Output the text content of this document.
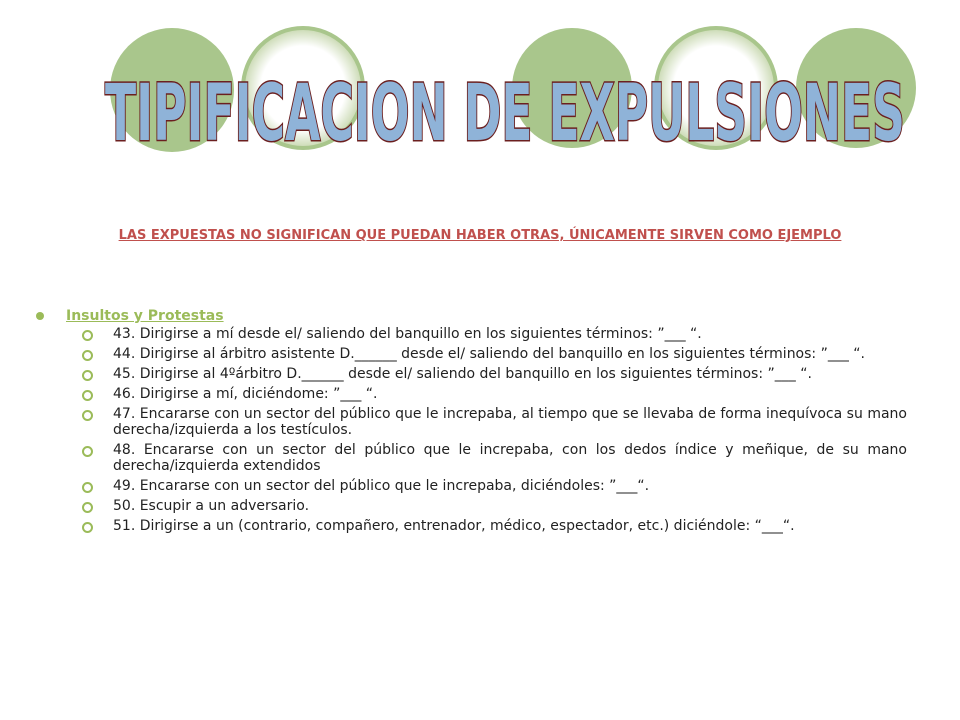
TIPIFICACION DE EXPULSIONES
LAS EXPUESTAS NO SIGNIFICAN QUE PUEDAN HABER OTRAS, ÚNICAMENTE SIRVEN COMO EJEMPLO
Insultos y Protestas
43. Dirigirse a mí desde el/ saliendo del banquillo en los siguientes términos: ”___ “.
44. Dirigirse al árbitro asistente D.______ desde el/ saliendo del banquillo en los siguientes términos: ”___ “.
45. Dirigirse al 4ºárbitro D.______ desde el/ saliendo del banquillo en los siguientes términos: ”___ “.
46. Dirigirse a mí, diciéndome: ”___ “.
47. Encararse con un sector del público que le increpaba, al tiempo que se llevaba de forma inequívoca su mano derecha/izquierda a los testículos.
48. Encararse con un sector del público que le increpaba, con los dedos índice y meñique, de su mano derecha/izquierda extendidos
49. Encararse con un sector del público que le increpaba, diciéndoles: ”___“.
50. Escupir a un adversario.
51. Dirigirse a un (contrario, compañero, entrenador, médico, espectador, etc.) diciéndole: “___“.
